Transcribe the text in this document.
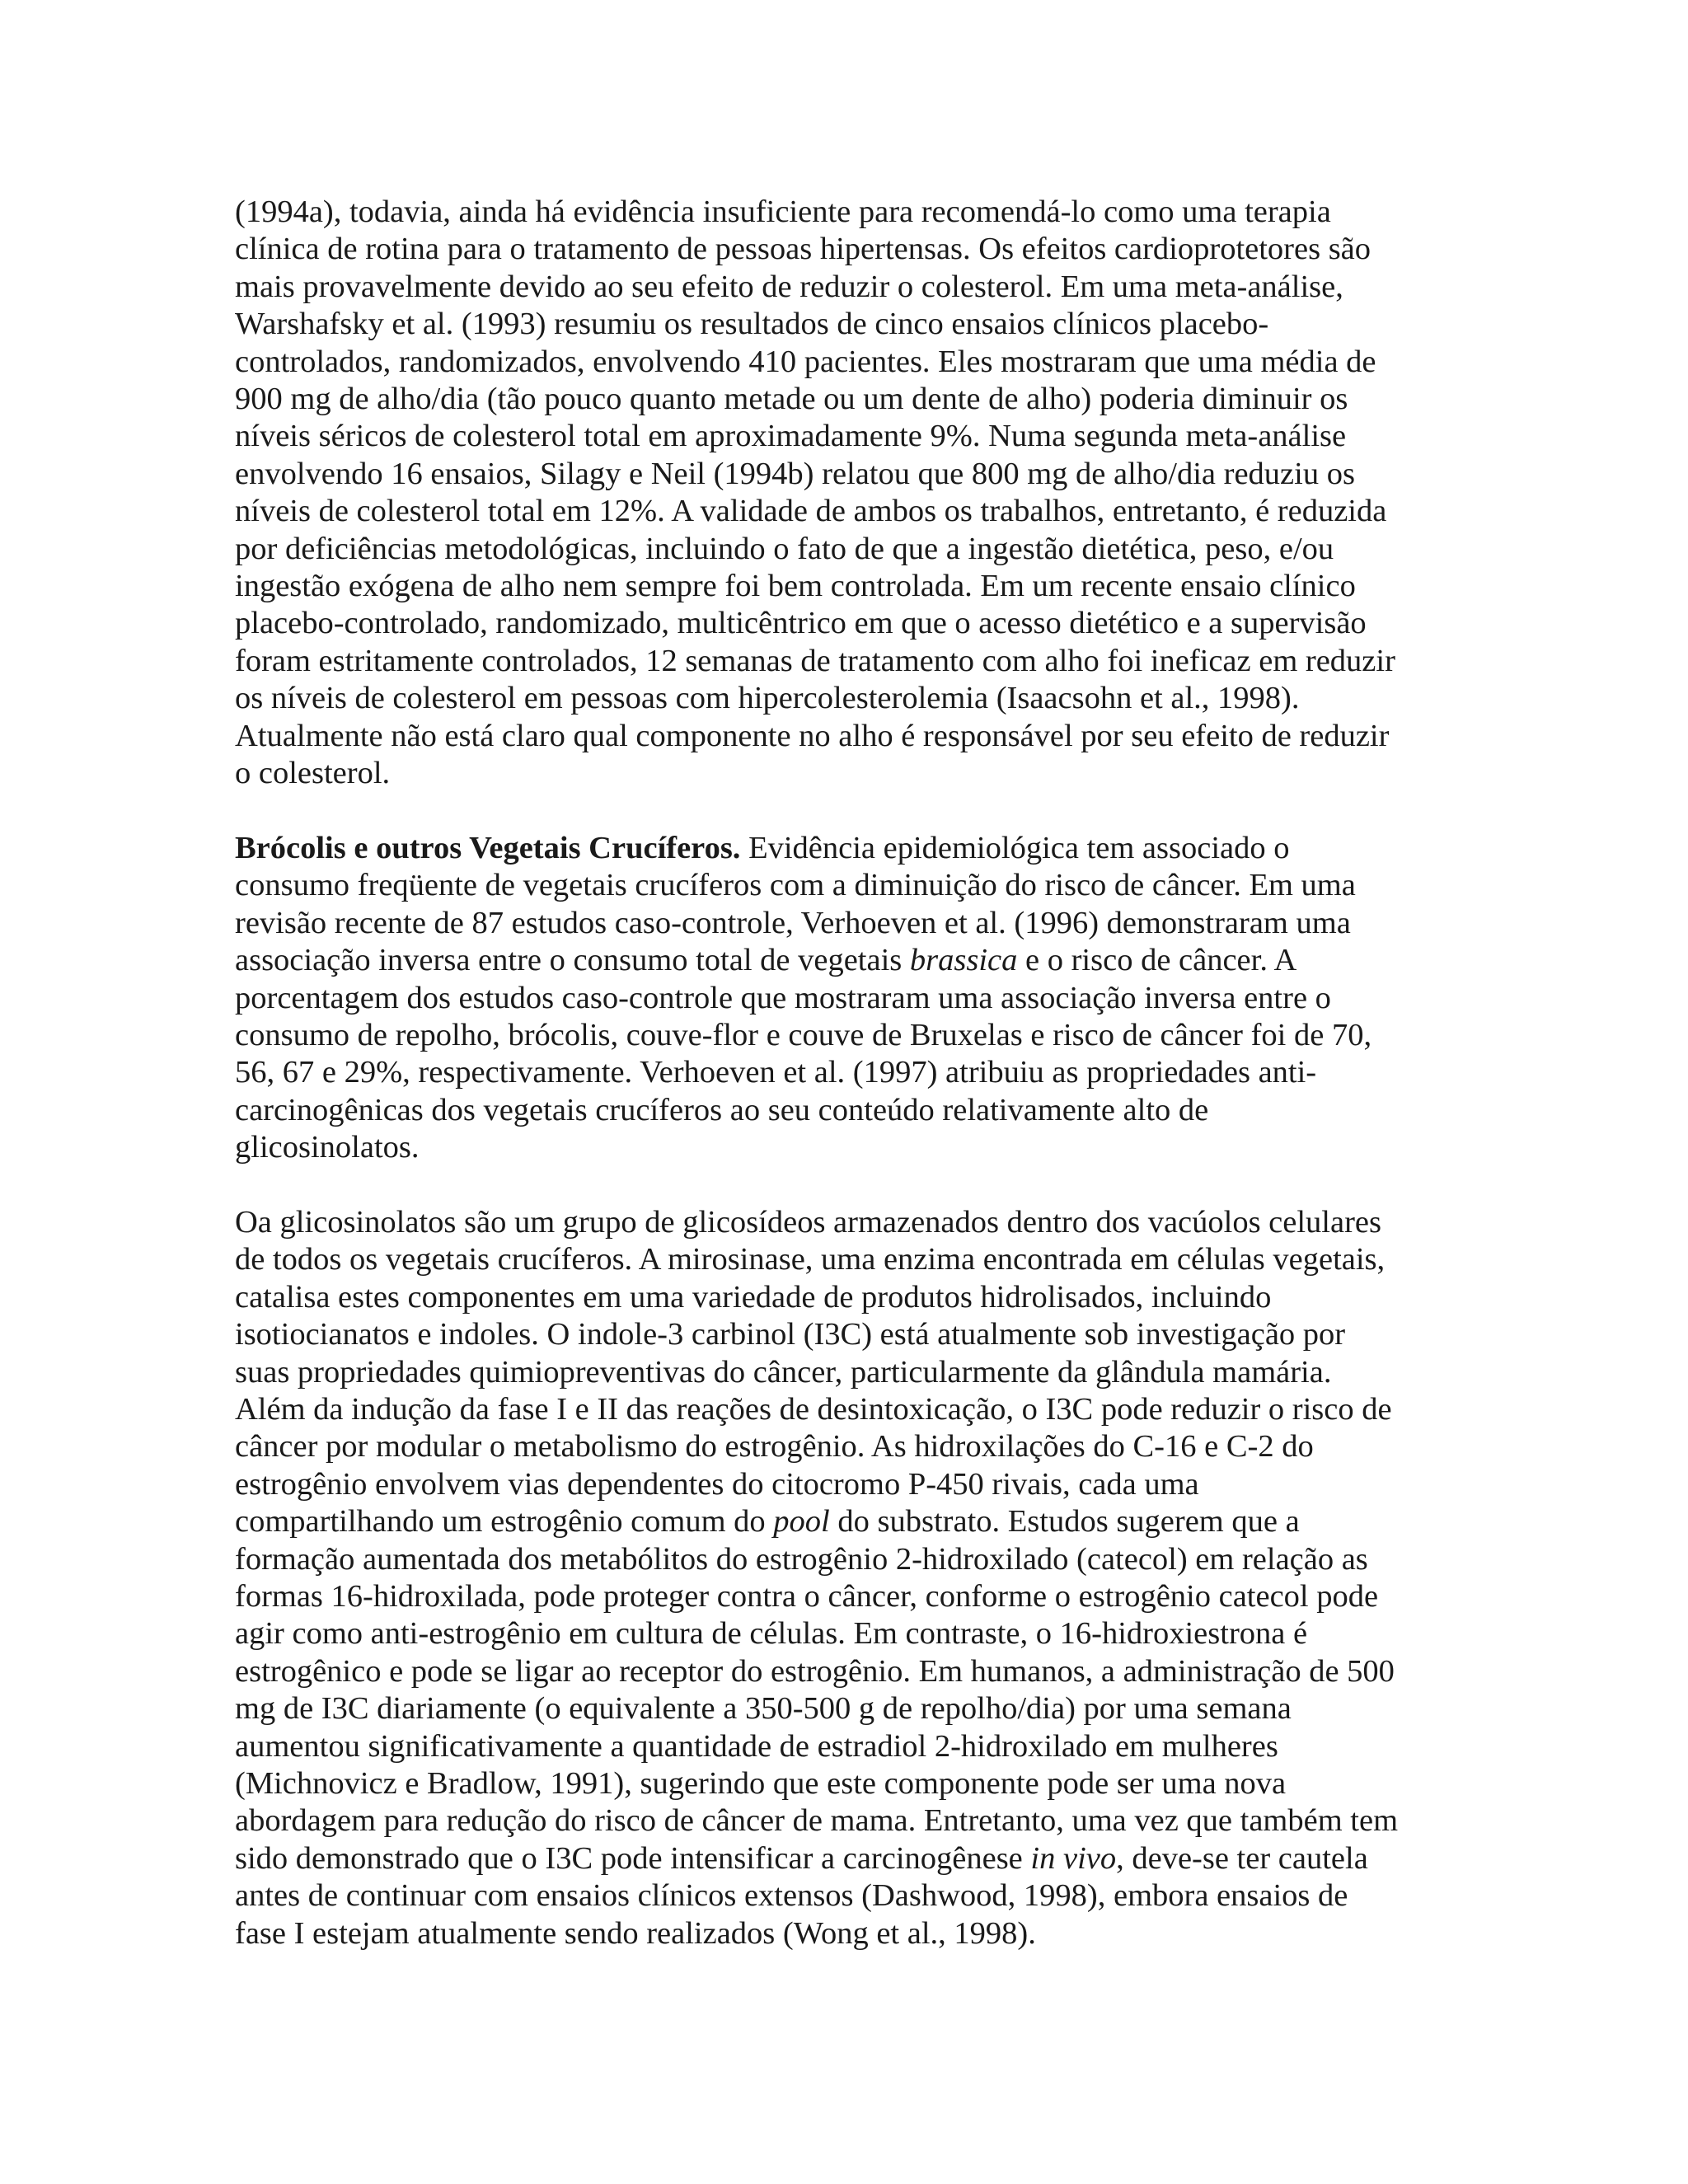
(1994a), todavia, ainda há evidência insuficiente para recomendá-lo como uma terapia
clínica de rotina para o tratamento de pessoas hipertensas. Os efeitos cardioprotetores são
mais provavelmente devido ao seu efeito de reduzir o colesterol. Em uma meta-análise,
Warshafsky et al. (1993) resumiu os resultados de cinco ensaios clínicos placebo-
controlados, randomizados, envolvendo 410 pacientes. Eles mostraram que uma média de
900 mg de alho/dia (tão pouco quanto metade ou um dente de alho) poderia diminuir os
níveis séricos de colesterol total em aproximadamente 9%. Numa segunda meta-análise
envolvendo 16 ensaios, Silagy e Neil (1994b) relatou que 800 mg de alho/dia reduziu os
níveis de colesterol total em 12%. A validade de ambos os trabalhos, entretanto, é reduzida
por deficiências metodológicas, incluindo o fato de que a ingestão dietética, peso, e/ou
ingestão exógena de alho nem sempre foi bem controlada. Em um recente ensaio clínico
placebo-controlado, randomizado, multicêntrico em que o acesso dietético e a supervisão
foram estritamente controlados, 12 semanas de tratamento com alho foi ineficaz em reduzir
os níveis de colesterol em pessoas com hipercolesterolemia (Isaacsohn et al., 1998).
Atualmente não está claro qual componente no alho é responsável por seu efeito de reduzir
o colesterol.

Brócolis e outros Vegetais Crucíferos. Evidência epidemiológica tem associado o
consumo freqüente de vegetais crucíferos com a diminuição do risco de câncer. Em uma
revisão recente de 87 estudos caso-controle, Verhoeven et al. (1996) demonstraram uma
associação inversa entre o consumo total de vegetais brassica e o risco de câncer. A
porcentagem dos estudos caso-controle que mostraram uma associação inversa entre o
consumo de repolho, brócolis, couve-flor e couve de Bruxelas e risco de câncer foi de 70,
56, 67 e 29%, respectivamente. Verhoeven et al. (1997) atribuiu as propriedades anti-
carcinogênicas dos vegetais crucíferos ao seu conteúdo relativamente alto de
glicosinolatos.

Oa glicosinolatos são um grupo de glicosídeos armazenados dentro dos vacúolos celulares
de todos os vegetais crucíferos. A mirosinase, uma enzima encontrada em células vegetais,
catalisa estes componentes em uma variedade de produtos hidrolisados, incluindo
isotiocianatos e indoles. O indole-3 carbinol (I3C) está atualmente sob investigação por
suas propriedades quimiopreventivas do câncer, particularmente da glândula mamária.
Além da indução da fase I e II das reações de desintoxicação, o I3C pode reduzir o risco de
câncer por modular o metabolismo do estrogênio. As hidroxilações do C-16 e C-2 do
estrogênio envolvem vias dependentes do citocromo P-450 rivais, cada uma
compartilhando um estrogênio comum do pool do substrato. Estudos sugerem que a
formação aumentada dos metabólitos do estrogênio 2-hidroxilado (catecol) em relação as
formas 16-hidroxilada, pode proteger contra o câncer, conforme o estrogênio catecol pode
agir como anti-estrogênio em cultura de células. Em contraste, o 16-hidroxiestrona é
estrogênico e pode se ligar ao receptor do estrogênio. Em humanos, a administração de 500
mg de I3C diariamente (o equivalente a 350-500 g de repolho/dia) por uma semana
aumentou significativamente a quantidade de estradiol 2-hidroxilado em mulheres
(Michnovicz e Bradlow, 1991), sugerindo que este componente pode ser uma nova
abordagem para redução do risco de câncer de mama. Entretanto, uma vez que também tem
sido demonstrado que o I3C pode intensificar a carcinogênese in vivo, deve-se ter cautela
antes de continuar com ensaios clínicos extensos (Dashwood, 1998), embora ensaios de
fase I estejam atualmente sendo realizados (Wong et al., 1998).
